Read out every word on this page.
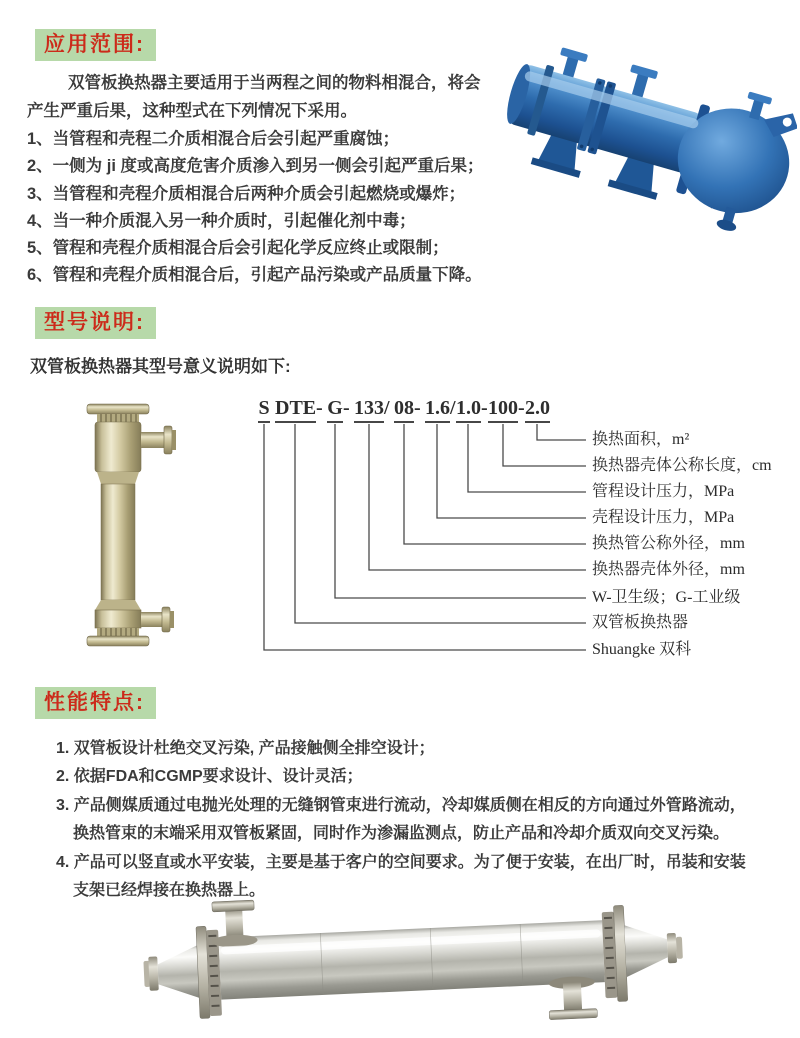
应用范围:
双管板换热器主要适用于当两程之间的物料相混合，将会
产生严重后果，这种型式在下列情况下采用。
1、当管程和壳程二介质相混合后会引起严重腐蚀；
2、一侧为 ji 度或高度危害介质渗入到另一侧会引起严重后果；
3、当管程和壳程介质相混合后两种介质会引起燃烧或爆炸；
4、当一种介质混入另一种介质时，引起催化剂中毒；
5、管程和壳程介质相混合后会引起化学反应终止或限制；
6、管程和壳程介质相混合后，引起产品污染或产品质量下降。
型号说明:
双管板换热器其型号意义说明如下:
S DTE- G- 133/ 08- 1.6/1.0-100-2.0
换热面积，m²
换热器壳体公称长度，cm
管程设计压力，MPa
壳程设计压力，MPa
换热管公称外径，mm
换热器壳体外径，mm
W-卫生级；G-工业级
双管板换热器
Shuangke 双科
性能特点:
1. 双管板设计杜绝交叉污染, 产品接触侧全排空设计；
2. 依据FDA和CGMP要求设计、设计灵活；
3. 产品侧媒质通过电抛光处理的无缝钢管束进行流动，冷却媒质侧在相反的方向通过外管路流动，
换热管束的末端采用双管板紧固，同时作为渗漏监测点，防止产品和冷却介质双向交叉污染。
4. 产品可以竖直或水平安装，主要是基于客户的空间要求。为了便于安装，在出厂时，吊装和安装
支架已经焊接在换热器上。
